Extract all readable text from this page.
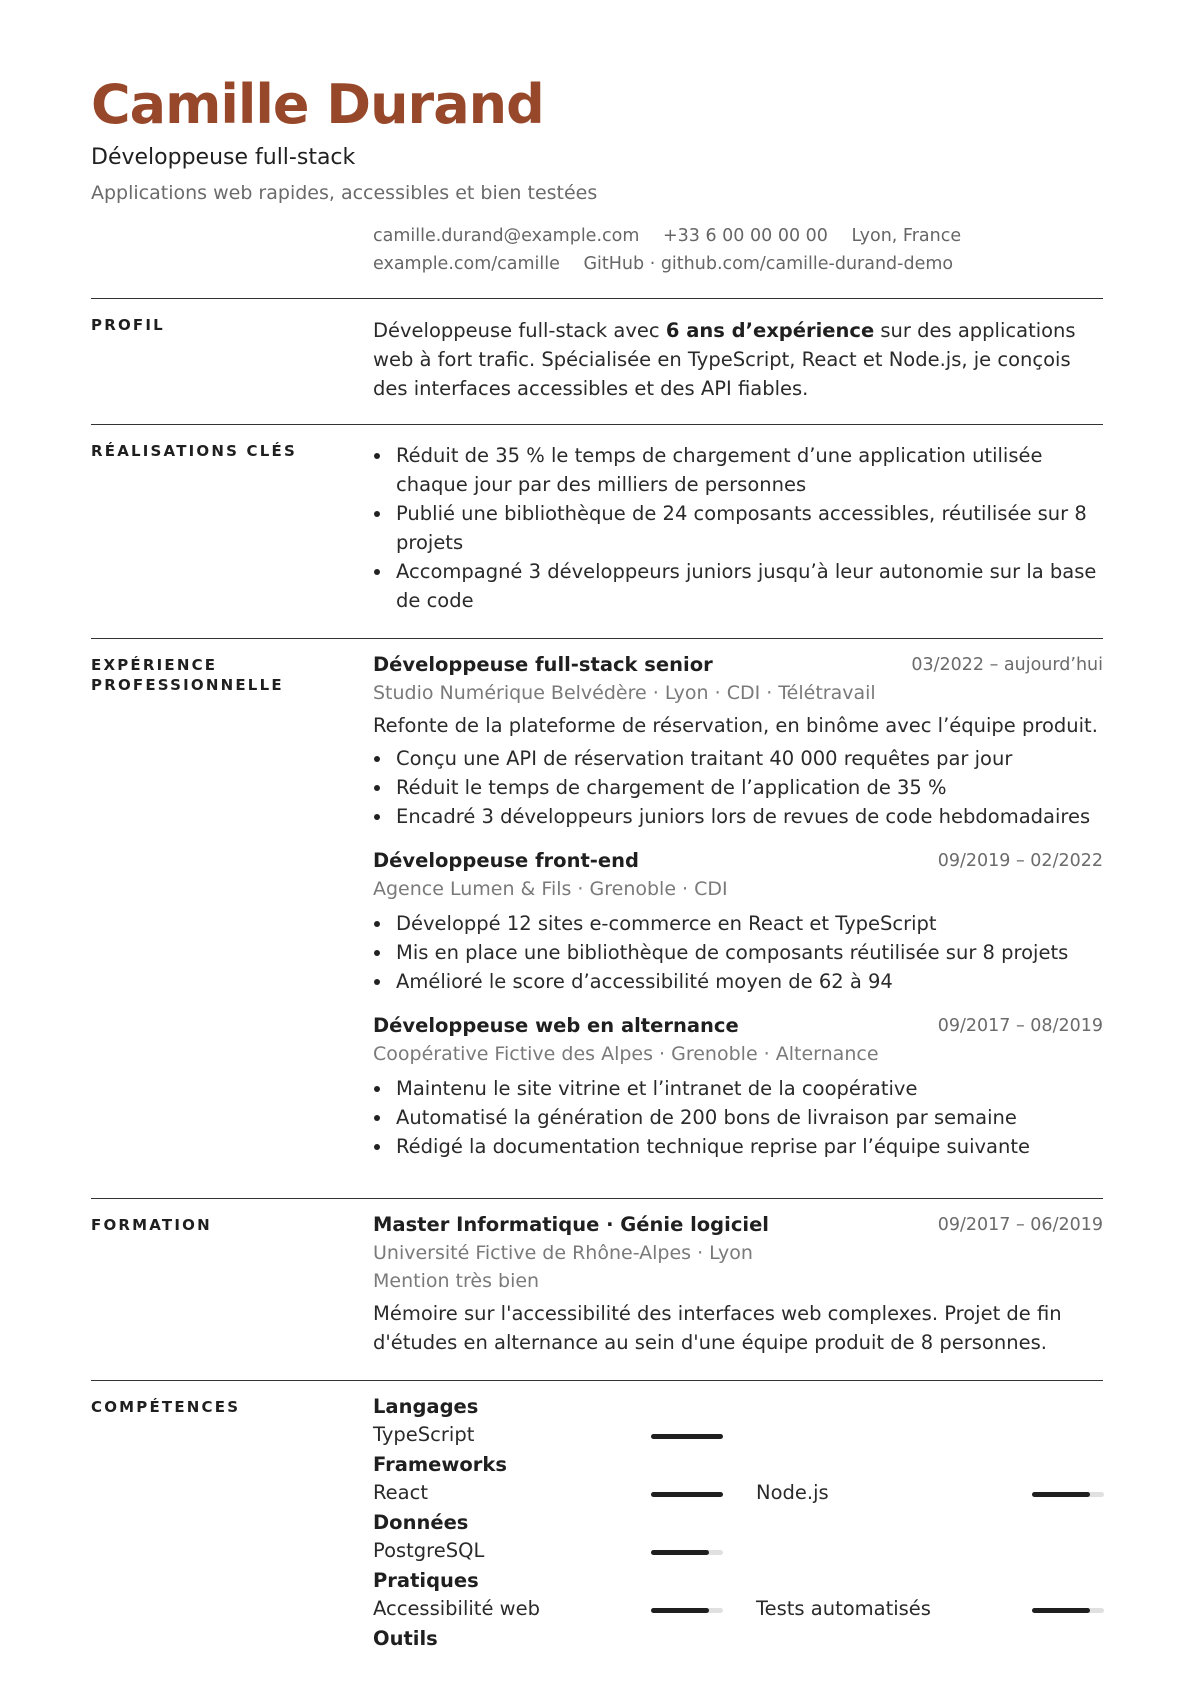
Camille Durand
Développeuse full-stack
Applications web rapides, accessibles et bien testées
camille.durand@example.com +33 6 00 00 00 00 Lyon, France
example.com/camille GitHub · github.com/camille-durand-demo
PROFIL	Développeuse full-stack avec 6 ans d’expérience sur des applications web à fort trafic. Spécialisée en TypeScript, React et Node.js, je conçois des interfaces accessibles et des API fiables.
RÉALISATIONS CLÉS	Réduit de 35 % le temps de chargement d’une application utilisée chaque jour par des milliers de personnes
Publié une bibliothèque de 24 composants accessibles, réutilisée sur 8 projets
Accompagné 3 développeurs juniors jusqu’à leur autonomie sur la base de code
EXPÉRIENCE PROFESSIONNELLE
Développeuse full-stack senior	03/2022 – aujourd’hui
Studio Numérique Belvédère · Lyon · CDI · Télétravail
Refonte de la plateforme de réservation, en binôme avec l’équipe produit.
Conçu une API de réservation traitant 40 000 requêtes par jour
Réduit le temps de chargement de l’application de 35 %
Encadré 3 développeurs juniors lors de revues de code hebdomadaires
Développeuse front-end	09/2019 – 02/2022
Agence Lumen & Fils · Grenoble · CDI
Développé 12 sites e-commerce en React et TypeScript
Mis en place une bibliothèque de composants réutilisée sur 8 projets
Amélioré le score d’accessibilité moyen de 62 à 94
Développeuse web en alternance	09/2017 – 08/2019
Coopérative Fictive des Alpes · Grenoble · Alternance
Maintenu le site vitrine et l’intranet de la coopérative
Automatisé la génération de 200 bons de livraison par semaine
Rédigé la documentation technique reprise par l’équipe suivante
FORMATION	Master Informatique · Génie logiciel	09/2017 – 06/2019
Université Fictive de Rhône-Alpes · Lyon
Mention très bien
Mémoire sur l'accessibilité des interfaces web complexes. Projet de fin d'études en alternance au sein d'une équipe produit de 8 personnes.
COMPÉTENCES	Langages
TypeScript
Frameworks
React	Node.js
Données
PostgreSQL
Pratiques
Accessibilité web	Tests automatisés
Outils
